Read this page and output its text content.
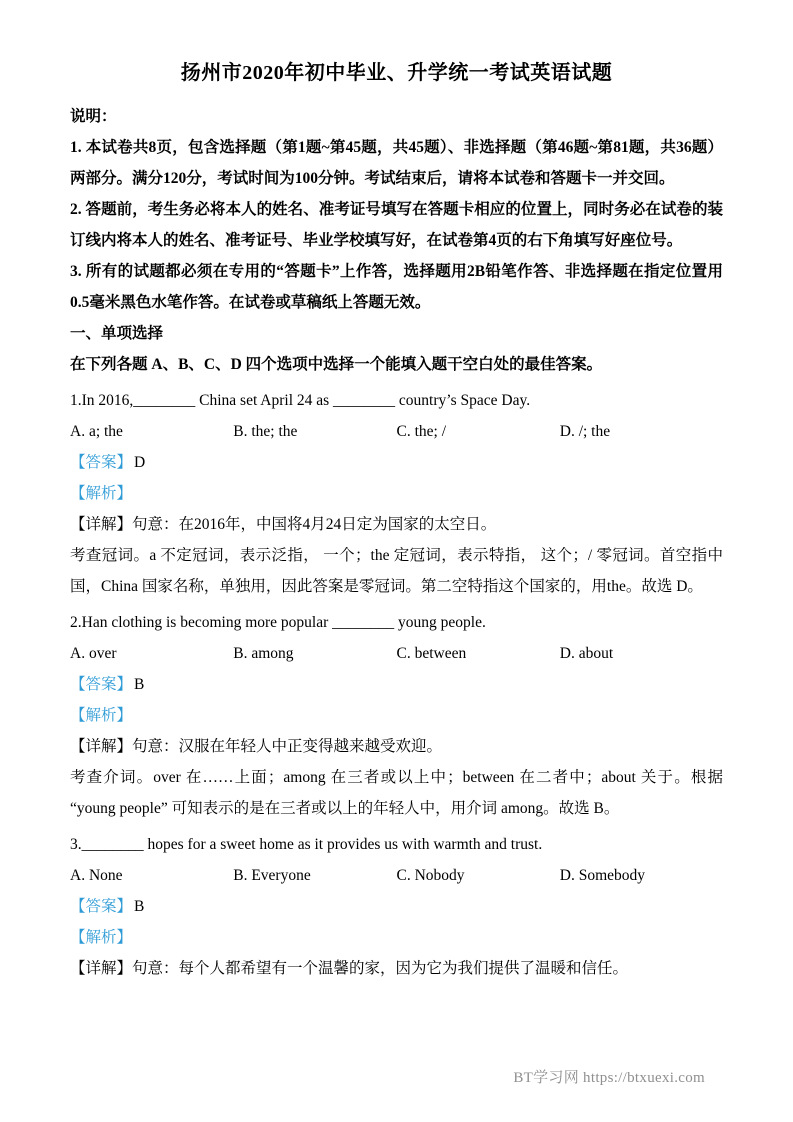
扬州市2020年初中毕业、升学统一考试英语试题

说明：

1. 本试卷共8页，包含选择题（第1题~第45题，共45题）、非选择题（第46题~第81题，共36题）两部分。满分120分，考试时间为100分钟。考试结束后，请将本试卷和答题卡一并交回。

2. 答题前，考生务必将本人的姓名、准考证号填写在答题卡相应的位置上，同时务必在试卷的装订线内将本人的姓名、准考证号、毕业学校填写好，在试卷第4页的右下角填写好座位号。

3. 所有的试题都必须在专用的“答题卡”上作答，选择题用2B铅笔作答、非选择题在指定位置用0.5毫米黑色水笔作答。在试卷或草稿纸上答题无效。

一、单项选择

在下列各题 A、B、C、D 四个选项中选择一个能填入题干空白处的最佳答案。

1.In 2016,________ China set April 24 as ________ country’s Space Day.

A. a; the	B. the; the	C. the; /	D. /; the

【答案】 D

【解析】

【详解】句意：在2016年，中国将4月24日定为国家的太空日。

考查冠词。a 不定冠词，表示泛指， 一个；the 定冠词，表示特指， 这个；/ 零冠词。首空指中国，China 国家名称，单独用，因此答案是零冠词。第二空特指这个国家的，用the。故选 D。

2.Han clothing is becoming more popular ________ young people.

A. over	B. among	C. between	D. about

【答案】 B

【解析】

【详解】句意：汉服在年轻人中正变得越来越受欢迎。

考查介词。over 在……上面；among 在三者或以上中；between 在二者中；about 关于。根据 “young people” 可知表示的是在三者或以上的年轻人中，用介词 among。故选 B。

3.________ hopes for a sweet home as it provides us with warmth and trust.

A. None	B. Everyone	C. Nobody	D. Somebody

【答案】 B

【解析】

【详解】句意：每个人都希望有一个温馨的家，因为它为我们提供了温暖和信任。

BT学习网 https://btxuexi.com
